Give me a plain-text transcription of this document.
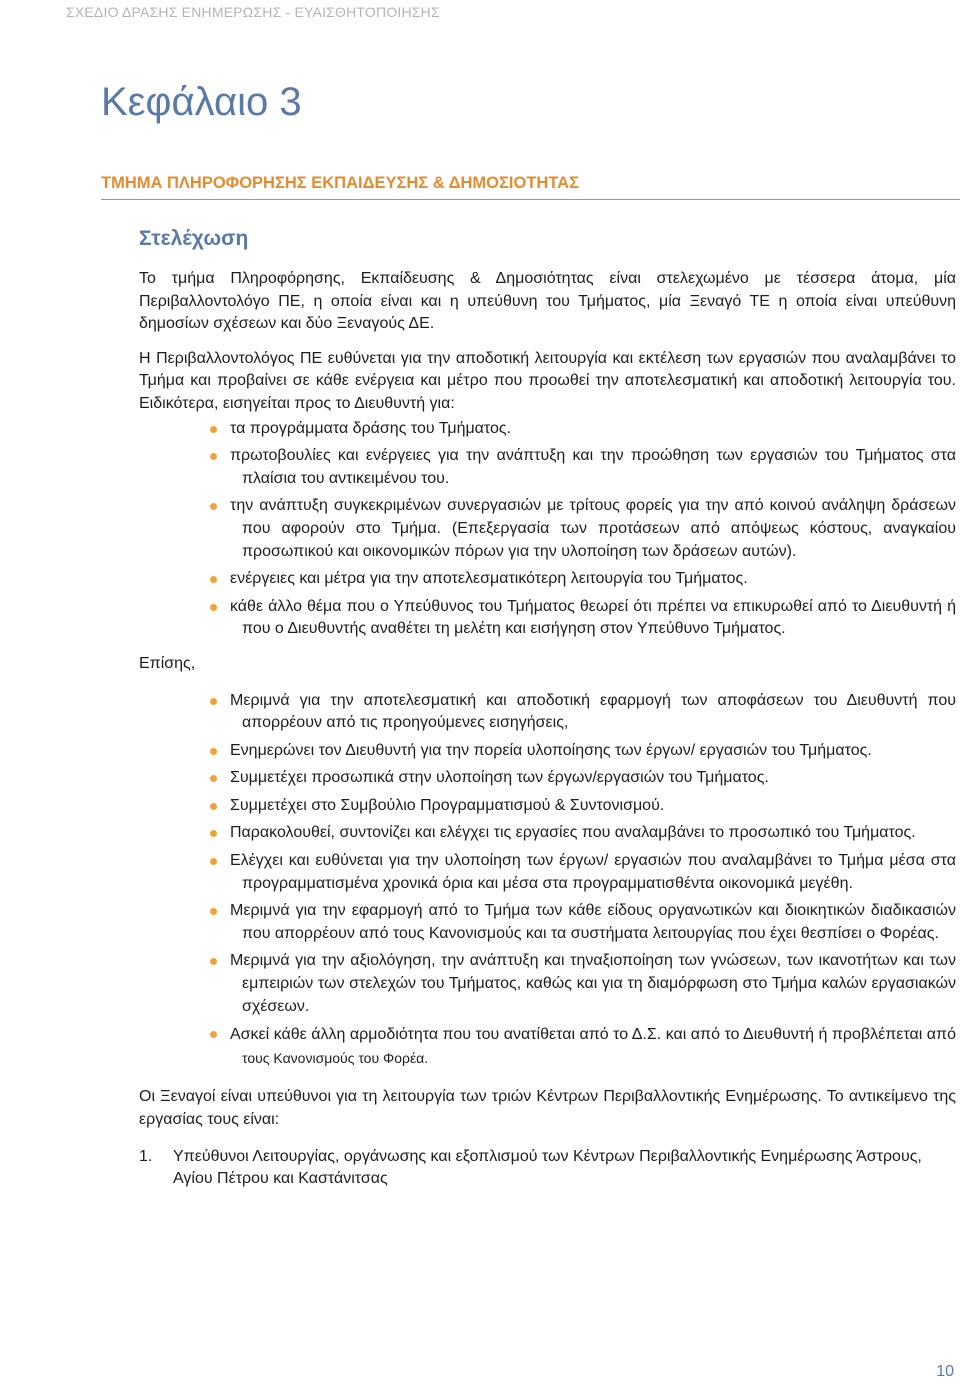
ΣΧΕΔΙΟ ΔΡΑΣΗΣ ΕΝΗΜΕΡΩΣΗΣ - ΕΥΑΙΣΘΗΤΟΠΟΙΗΣΗΣ
Κεφάλαιο 3
ΤΜΗΜΑ ΠΛΗΡΟΦΟΡΗΣΗΣ ΕΚΠΑΙΔΕΥΣΗΣ & ΔΗΜΟΣΙΟΤΗΤΑΣ
Στελέχωση

Το τμήμα Πληροφόρησης, Εκπαίδευσης & Δημοσιότητας είναι στελεχωμένο με τέσσερα άτομα, μία Περιβαλλοντολόγο ΠΕ, η οποία είναι και η υπεύθυνη του Τμήματος, μία Ξεναγό ΤΕ η οποία είναι υπεύθυνη δημοσίων σχέσεων και δύο Ξεναγούς ΔΕ.

Η Περιβαλλοντολόγος ΠΕ ευθύνεται για την αποδοτική λειτουργία και εκτέλεση των εργασιών που αναλαμβάνει το Τμήμα και προβαίνει σε κάθε ενέργεια και μέτρο που προωθεί την αποτελεσματική και αποδοτική λειτουργία του. Ειδικότερα, εισηγείται προς το Διευθυντή για:

τα προγράμματα δράσης του Τμήματος.
πρωτοβουλίες και ενέργειες για την ανάπτυξη και την προώθηση των εργασιών του Τμήματος στα πλαίσια του αντικειμένου του.
την ανάπτυξη συγκεκριμένων συνεργασιών με τρίτους φορείς για την από κοινού ανάληψη δράσεων που αφορούν στο Τμήμα. (Επεξεργασία των προτάσεων από απόψεως κόστους, αναγκαίου προσωπικού και οικονομικών πόρων για την υλοποίηση των δράσεων αυτών).
ενέργειες και μέτρα για την αποτελεσματικότερη λειτουργία του Τμήματος.
κάθε άλλο θέμα που ο Υπεύθυνος του Τμήματος θεωρεί ότι πρέπει να επικυρωθεί από το Διευθυντή ή που ο Διευθυντής αναθέτει τη μελέτη και εισήγηση στον Υπεύθυνο Τμήματος.
Επίσης,
Μεριμνά για την αποτελεσματική και αποδοτική εφαρμογή των αποφάσεων του Διευθυντή που απορρέουν από τις προηγούμενες εισηγήσεις,
Ενημερώνει τον Διευθυντή για την πορεία υλοποίησης των έργων/ εργασιών του Τμήματος.
Συμμετέχει προσωπικά στην υλοποίηση των έργων/εργασιών του Τμήματος.
Συμμετέχει στο Συμβούλιο Προγραμματισμού & Συντονισμού.
Παρακολουθεί, συντονίζει και ελέγχει τις εργασίες που αναλαμβάνει το προσωπικό του Τμήματος.
Ελέγχει και ευθύνεται για την υλοποίηση των έργων/ εργασιών που αναλαμβάνει το Τμήμα μέσα στα προγραμματισμένα χρονικά όρια και μέσα στα προγραμματισθέντα οικονομικά μεγέθη.
Μεριμνά για την εφαρμογή από το Τμήμα των κάθε είδους οργανωτικών και διοικητικών διαδικασιών που απορρέουν από τους Κανονισμούς και τα συστήματα λειτουργίας που έχει θεσπίσει ο Φορέας.
Μεριμνά για την αξιολόγηση, την ανάπτυξη και τηναξιοποίηση των γνώσεων, των ικανοτήτων και των εμπειριών των στελεχών του Τμήματος, καθώς και για τη διαμόρφωση στο Τμήμα καλών εργασιακών σχέσεων.
Ασκεί κάθε άλλη αρμοδιότητα που του ανατίθεται από το Δ.Σ. και από το Διευθυντή ή προβλέπεται από τους Κανονισμούς του Φορέα.

Οι Ξεναγοί είναι υπεύθυνοι για τη λειτουργία των τριών Κέντρων Περιβαλλοντικής Ενημέρωσης. Το αντικείμενο της εργασίας τους είναι:

1. Υπεύθυνοι Λειτουργίας, οργάνωσης και εξοπλισμού των Κέντρων Περιβαλλοντικής Ενημέρωσης Άστρους, Αγίου Πέτρου και Καστάνιτσας
10
